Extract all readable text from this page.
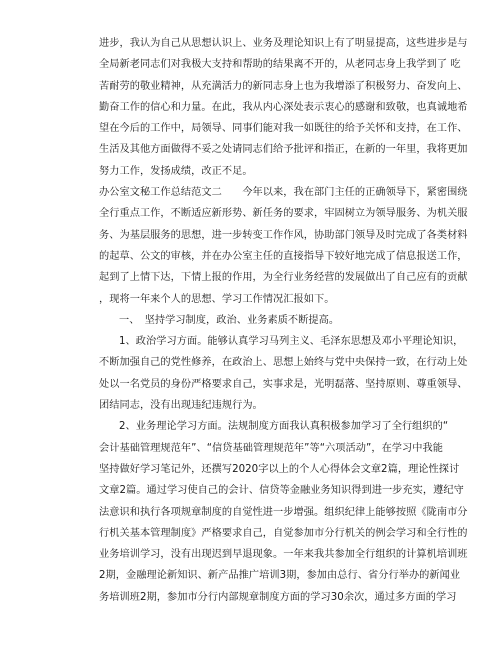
进步，我认为自己从思想认识上、业务及理论知识上有了明显提高，这些进步是与
全局新老同志们对我极大支持和帮助的结果离不开的，从老同志身上我学到了 吃
苦耐劳的敬业精神，从充满活力的新同志身上也为我增添了积极努力、奋发向上、
勤奋工作的信心和力量。在此，我从内心深处表示衷心的感谢和致敬，也真诚地希
望在今后的工作中，局领导、同事们能对我一如既往的给予关怀和支持，在工作、
生活及其他方面做得不妥之处请同志们给予批评和指正，在新的一年里，我将更加
努力工作，发扬成绩，改正不足。
办公室文秘工作总结范文二　　今年以来，我在部门主任的正确领导下，紧密围绕
全行重点工作，不断适应新形势、新任务的要求，牢固树立为领导服务、为机关服
务、为基层服务的思想，进一步转变工作作风，协助部门领导及时完成了各类材料
的起草、公文的审核，并在办公室主任的直接指导下较好地完成了信息报送工作，
起到了上情下达，下情上报的作用，为全行业务经营的发展做出了自己应有的贡献
，现将一年来个人的思想、学习工作情况汇报如下。
一、　坚持学习制度，政治、业务素质不断提高。
1、政治学习方面。能够认真学习马列主义、毛泽东思想及邓小平理论知识，
不断加强自己的党性修养，在政治上、思想上始终与党中央保持一致，在行动上处
处以一名党员的身份严格要求自己，实事求是，光明磊落、坚持原则、尊重领导、
团结同志，没有出现违纪违规行为。
2、业务理论学习方面。法规制度方面我认真积极参加学习了全行组织的“
会计基础管理规范年”、“信贷基础管理规范年”等“六项活动”，在学习中我能
坚持做好学习笔记外，还撰写2020字以上的个人心得体会文章2篇，理论性探讨
文章2篇。通过学习使自己的会计、信贷等金融业务知识得到进一步充实，遵纪守
法意识和执行各项规章制度的自觉性进一步增强。组织纪律上能够按照《陇南市分
行机关基本管理制度》严格要求自己，自觉参加市分行机关的例会学习和全行性的
业务培训学习，没有出现迟到早退现象。一年来我共参加全行组织的计算机培训班
2期，金融理论新知识、新产品推广培训3期，参加由总行、省分行举办的新闻业
务培训班2期，参加市分行内部规章制度方面的学习30余次，通过多方面的学习
